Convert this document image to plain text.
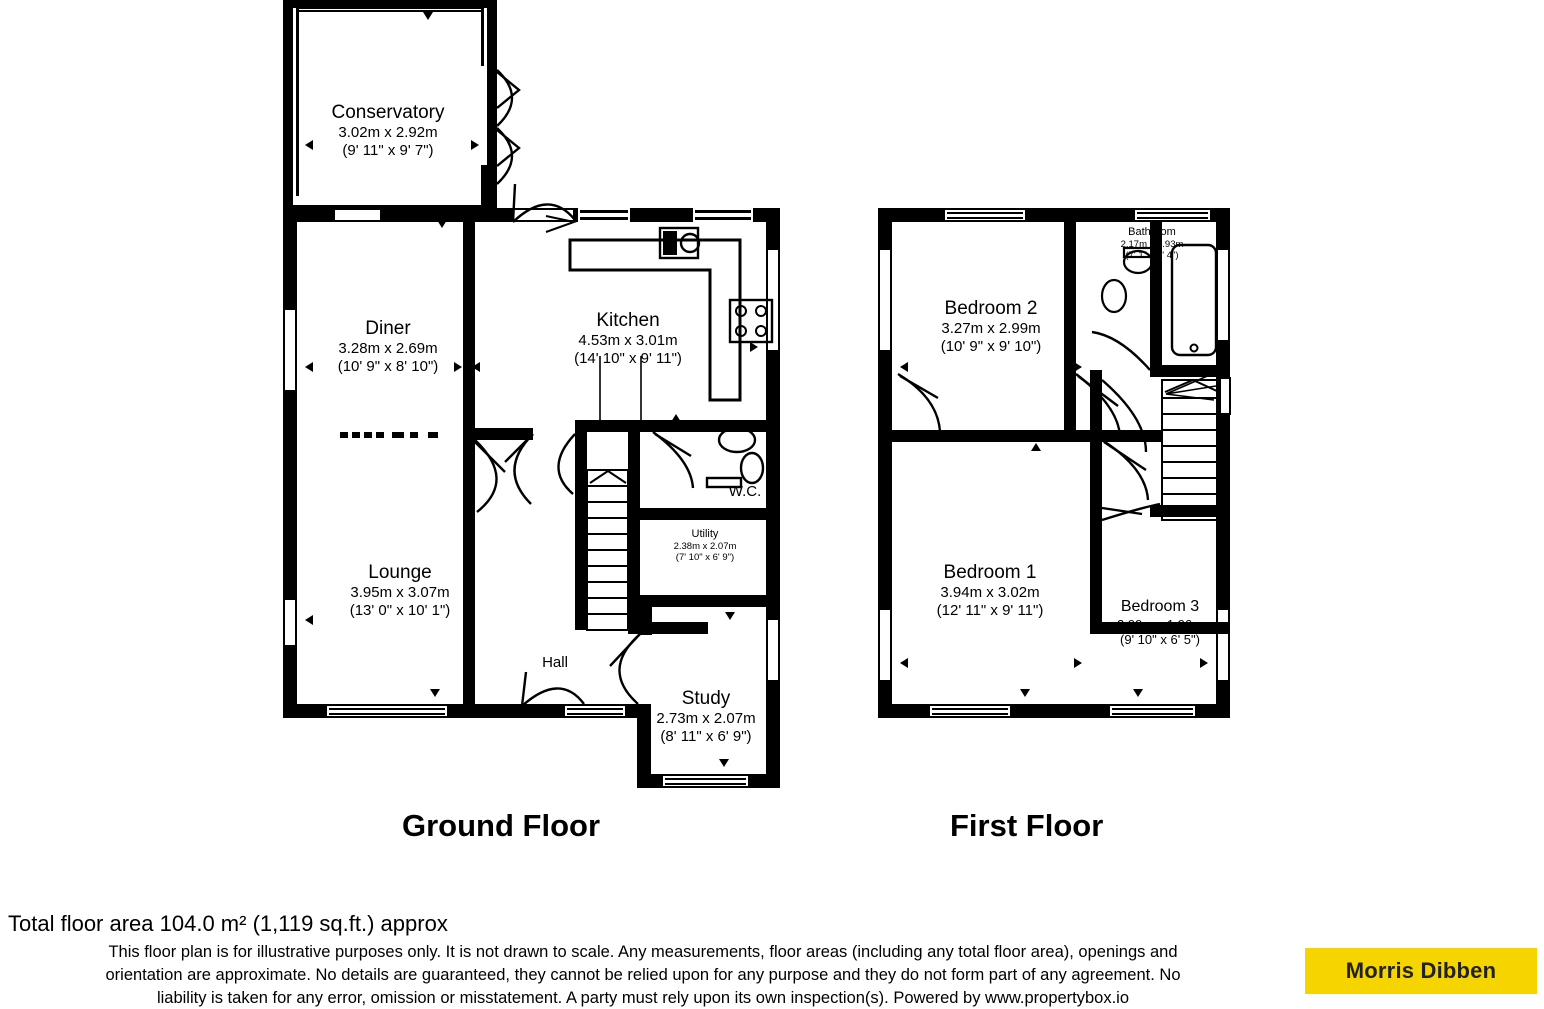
Conservatory
3.02m x 2.92m
(9' 11" x 9' 7")
Diner
3.28m x 2.69m
(10' 9" x 8' 10")
Kitchen
4.53m x 3.01m
(14' 10" x 9' 11")
Lounge
3.95m x 3.07m
(13' 0" x 10' 1")
W.C.
Utility
2.38m x 2.07m
(7' 10" x 6' 9")
Hall
Study
2.73m x 2.07m
(8' 11" x 6' 9")
Bathroom
2.17m x 1.93m
(7' 1" x 6' 4")
Bedroom 2
3.27m x 2.99m
(10' 9" x 9' 10")
Bedroom 1
3.94m x 3.02m
(12' 11" x 9' 11")	Bedroom 3
2.99m x 1.96m
(9' 10" x 6' 5")
Ground Floor	First Floor
Total floor area 104.0 m² (1,119 sq.ft.) approx
This floor plan is for illustrative purposes only. It is not drawn to scale. Any measurements, floor areas (including any total floor area), openings and
orientation are approximate. No details are guaranteed, they cannot be relied upon for any purpose and they do not form part of any agreement. No
liability is taken for any error, omission or misstatement. A party must rely upon its own inspection(s). Powered by www.propertybox.io
Morris Dibben
